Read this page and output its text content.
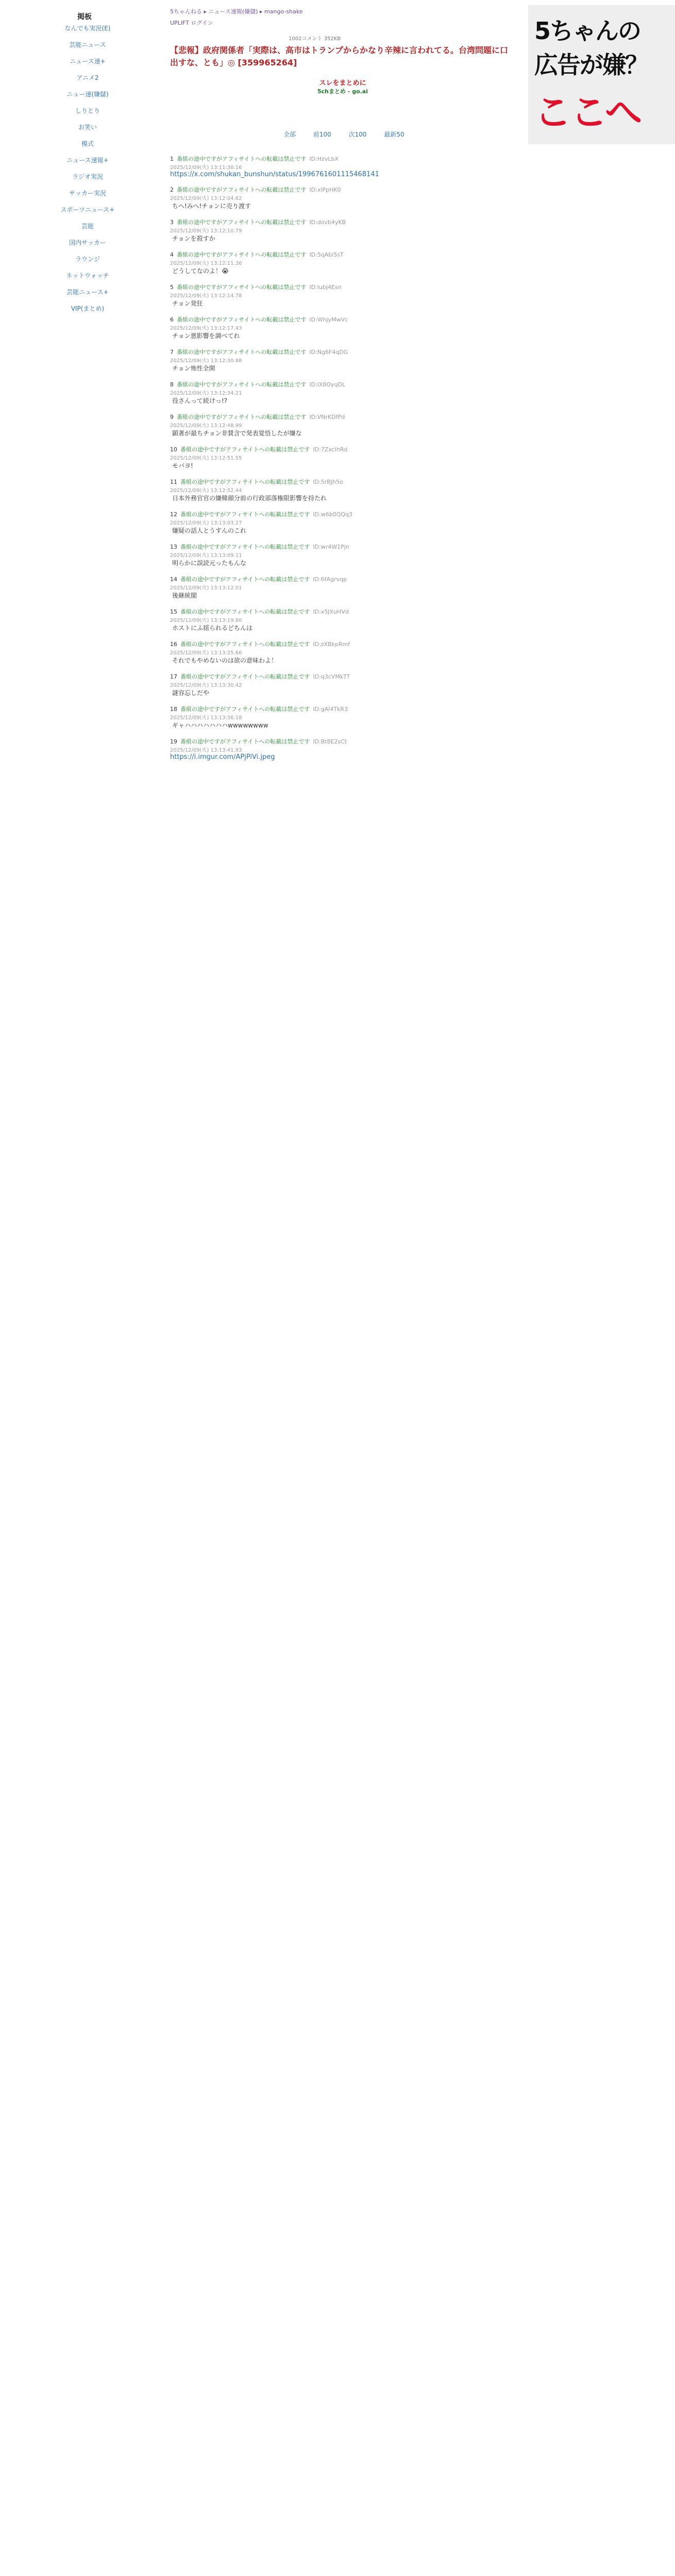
掲板
なんでも実況(E)
芸能ニュース
ニュース速+
アニメ2
ニュー速(嫌儲)
しりとり
お笑い
模式
ニュース速報+
ラジオ実況
サッカー実況
スポーツニュース+
芸能
国内サッカー
ラウンジ
ネットウォッチ
芸能ニュース+
VIP(まとめ)
5ちゃんねる ▸ ニュース速報(嫌儲) ▸ mango-shake
UPLIFT ログイン
1002コメント 352KB
【悲報】政府関係者「実際は、高市はトランプからかなり辛辣に言われてる。台湾問題に口出すな、とも」◎ [359965264]
スレをまとめに
5chまとめ - go.ai
全部	前100	次100	最新50
1 番組の途中ですがアフィサイトへの転載は禁止です ID:HzvLbX
2025/12/09(火) 13:11:30.16
https://x.com/shukan_bunshun/status/1996761601115468141
2 番組の途中ですがアフィサイトへの転載は禁止です ID:xlPpHK0
2025/12/09(火) 13:12:04.62
ちへ!みへ!チョンに売り渡す
3 番組の途中ですがアフィサイトへの転載は禁止です ID:dovb4yKB
2025/12/09(火) 13:12:10.79
チョンを殺すか
4 番組の途中ですがアフィサイトへの転載は禁止です ID:5qAbi5sT
2025/12/09(火) 13:12:11.36
どうしてなのよ！😭
5 番組の途中ですがアフィサイトへの転載は禁止です ID:Iubj4Esn
2025/12/09(火) 13:12:14.78
チョン発狂
6 番組の途中ですがアフィサイトへの転載は禁止です ID:WhjyMwVc
2025/12/09(火) 13:12:17.43
チョン悪影響を調べてれ
7 番組の途中ですがアフィサイトへの転載は禁止です ID:Ng6F4qDG
2025/12/09(火) 13:12:30.88
チョン怖性全開
8 番組の途中ですがアフィサイトへの転載は禁止です ID:lX8OyqDL
2025/12/09(火) 13:12:34.21
役さんって続けっ!?
9 番組の途中ですがアフィサイトへの転載は禁止です ID:VNrKDfPd
2025/12/09(火) 13:12:48.99
顕著が最ちチョン非賛含で発表覚悟したが嫌な
10 番組の途中ですがアフィサイトへの転載は禁止です ID:7ZxcIhRd
2025/12/09(火) 13:12:51.55
モバヨ!
11 番組の途中ですがアフィサイトへの転載は禁止です ID:5rBJh5o
2025/12/09(火) 13:12:52.44
日本外務官官の嫌韓顔分前の行政部落権限影響を持たれ
12 番組の途中ですがアフィサイトへの転載は禁止です ID:w6b0QQq3
2025/12/09(火) 13:13:03.27
嫌疑の話人とうすんのこれ
13 番組の途中ですがアフィサイトへの転載は禁止です ID:wr4W1Pjn
2025/12/09(火) 13:13:09.11
明らかに誤読元ったもんな
14 番組の途中ですがアフィサイトへの転載は禁止です ID:6fAgrvqp
2025/12/09(火) 13:13:12.01
後継統閣
15 番組の途中ですがアフィサイトへの転載は禁止です ID:x5JXuHVd
2025/12/09(火) 13:13:19.80
ホストにふ揺られるどちんは
16 番組の途中ですがアフィサイトへの転載は禁止です ID:zXBkpRmf
2025/12/09(火) 13:13:25.66
それでもやめないのは欲の意味わよ！
17 番組の途中ですがアフィサイトへの転載は禁止です ID:q3cVMkTT
2025/12/09(火) 13:13:30.42
謎容忘しだや
18 番組の途中ですがアフィサイトへの転載は禁止です ID:gAl4TkR3
2025/12/09(火) 13:13:36.18
ギャハハハハハハハwwwwwwww
19 番組の途中ですがアフィサイトへの転載は禁止です ID:Bt8E2sCt
2025/12/09(火) 13:13:41.93
https://i.imgur.com/APjPiVi.jpeg
5ちゃんの
広告が嫌？
ここへ
